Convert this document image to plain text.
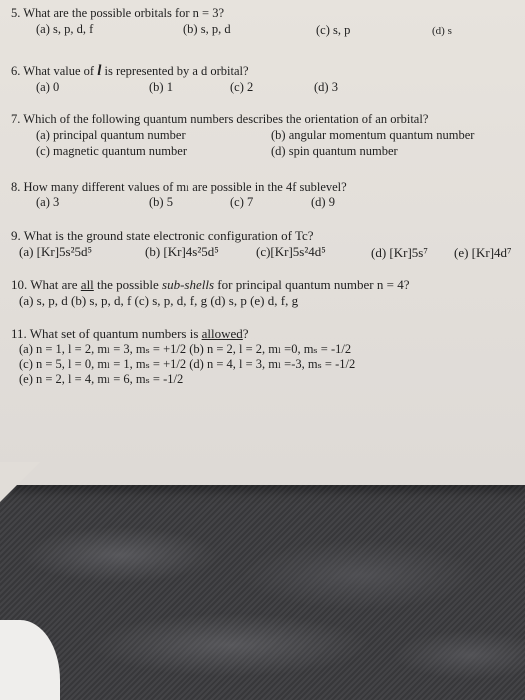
5. What are the possible orbitals for n = 3?
(a) s, p, d, f	(b) s, p, d	(c) s, p	(d) s
6. What value of l is represented by a d orbital?
(a) 0	(b) 1	(c) 2	(d) 3
7. Which of the following quantum numbers describes the orientation of an orbital?
(a) principal quantum number	(b) angular momentum quantum number
(c) magnetic quantum number	(d) spin quantum number
8. How many different values of mₗ are possible in the 4f sublevel?
(a) 3	(b) 5	(c) 7	(d) 9
9. What is the ground state electronic configuration of Tc?
(a) [Kr]5s²5d⁵	(b) [Kr]4s²5d⁵	(c)[Kr]5s²4d⁵	(d) [Kr]5s⁷ (e) [Kr]4d⁷
10. What are all the possible sub-shells for principal quantum number n = 4?
(a) s, p, d (b) s, p, d, f (c) s, p, d, f, g (d) s, p (e) d, f, g
11. What set of quantum numbers is allowed?
(a) n = 1, l = 2, mₗ = 3, mₛ = +1/2 (b) n = 2, l = 2, mₗ =0, mₛ = -1/2
(c) n = 5, l = 0, mₗ = 1, mₛ = +1/2 (d) n = 4, l = 3, mₗ =-3, mₛ = -1/2
(e) n = 2, l = 4, mₗ = 6, mₛ = -1/2
